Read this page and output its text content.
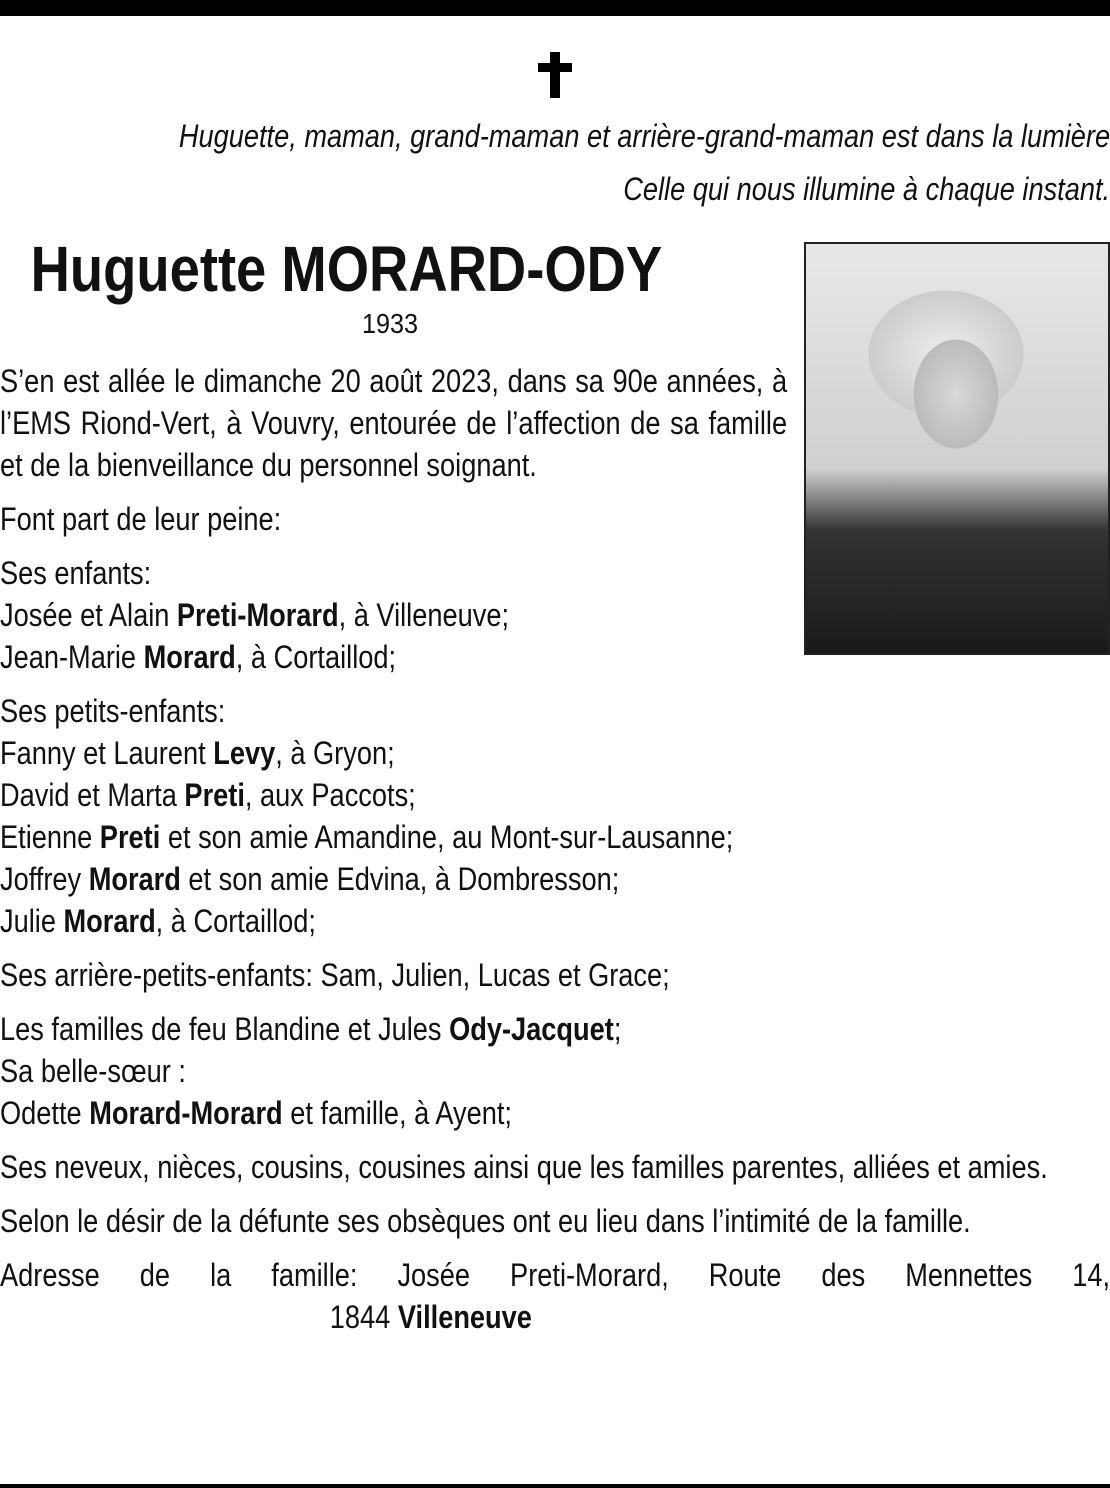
Huguette, maman, grand-maman et arrière-grand-maman est dans la lumière
Celle qui nous illumine à chaque instant.
Huguette MORARD-ODY
1933
S’en est allée le dimanche 20 août 2023, dans sa 90e années, à l’EMS Riond-Vert, à Vouvry, entourée de l’affection de sa famille et de la bienveillance du personnel soignant.
Font part de leur peine:
Ses enfants:
Josée et Alain Preti-Morard, à Villeneuve;
Jean-Marie Morard, à Cortaillod;
Ses petits-enfants:
Fanny et Laurent Levy, à Gryon;
David et Marta Preti, aux Paccots;
Etienne Preti et son amie Amandine, au Mont-sur-Lausanne;
Joffrey Morard et son amie Edvina, à Dombresson;
Julie Morard, à Cortaillod;
Ses arrière-petits-enfants: Sam, Julien, Lucas et Grace;
Les familles de feu Blandine et Jules Ody-Jacquet;
Sa belle-sœur :
Odette Morard-Morard et famille, à Ayent;
Ses neveux, nièces, cousins, cousines ainsi que les familles parentes, alliées et amies.
Selon le désir de la défunte ses obsèques ont eu lieu dans l’intimité de la famille.
Adresse de la famille: Josée Preti-Morard, Route des Mennettes 14,
1844 Villeneuve
